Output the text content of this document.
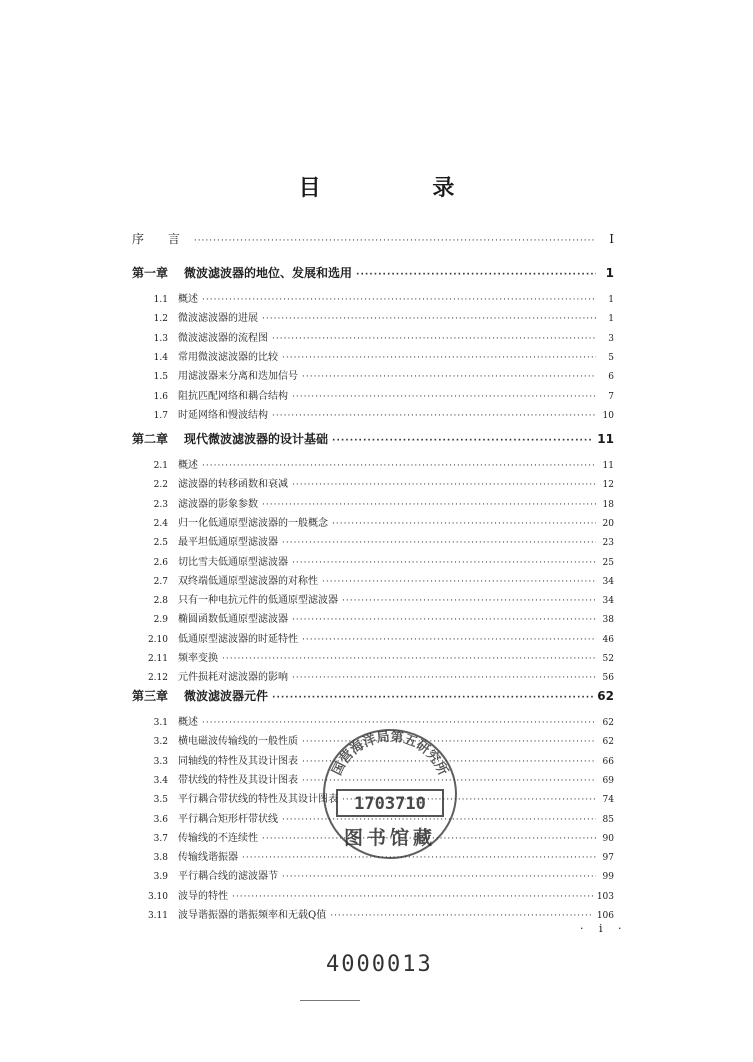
目 录
序 言 ·····	I
第一章 微波滤波器的地位、发展和选用 ·····	1
1.1 概述 ·····	1
1.2 微波滤波器的进展 ·····	1
1.3 微波滤波器的流程图 ·····	3
1.4 常用微波滤波器的比较 ·····	5
1.5 用滤波器来分离和迭加信号 ·····	6
1.6 阻抗匹配网络和耦合结构 ·····	7
1.7 时延网络和慢波结构 ·····	10
第二章 现代微波滤波器的设计基础 ·····	11
2.1 概述 ·····	11
2.2 滤波器的转移函数和衰减 ·····	12
2.3 滤波器的影象参数 ·····	18
2.4 归一化低通原型滤波器的一般概念 ·····	20
2.5 最平坦低通原型滤波器 ·····	23
2.6 切比雪夫低通原型滤波器 ·····	25
2.7 双终端低通原型滤波器的对称性 ·····	34
2.8 只有一种电抗元件的低通原型滤波器 ·····	34
2.9 椭圆函数低通原型滤波器 ·····	38
2.10 低通原型滤波器的时延特性 ·····	46
2.11 频率变换 ·····	52
2.12 元件损耗对滤波器的影响 ·····	56
第三章 微波滤波器元件 ·····	62
3.1 概述 ·····	62
3.2 横电磁波传输线的一般性质 ·····	62
3.3 同轴线的特性及其设计图表 ·····	66
3.4 带状线的特性及其设计图表 ·····	69
3.5 平行耦合带状线的特性及其设计图表 ·····	74
3.6 平行耦合矩形杆带状线 ·····	85
3.7 传输线的不连续性 ·····	90
3.8 传输线谐振器 ·····	97
3.9 平行耦合线的滤波器节 ·····	99
3.10 波导的特性 ·····	103
3.11 波导谐振器的谐振频率和无载Q值 ·····	106
国营海洋局第五研究所
1703710
图书馆藏
· i ·
4000013
